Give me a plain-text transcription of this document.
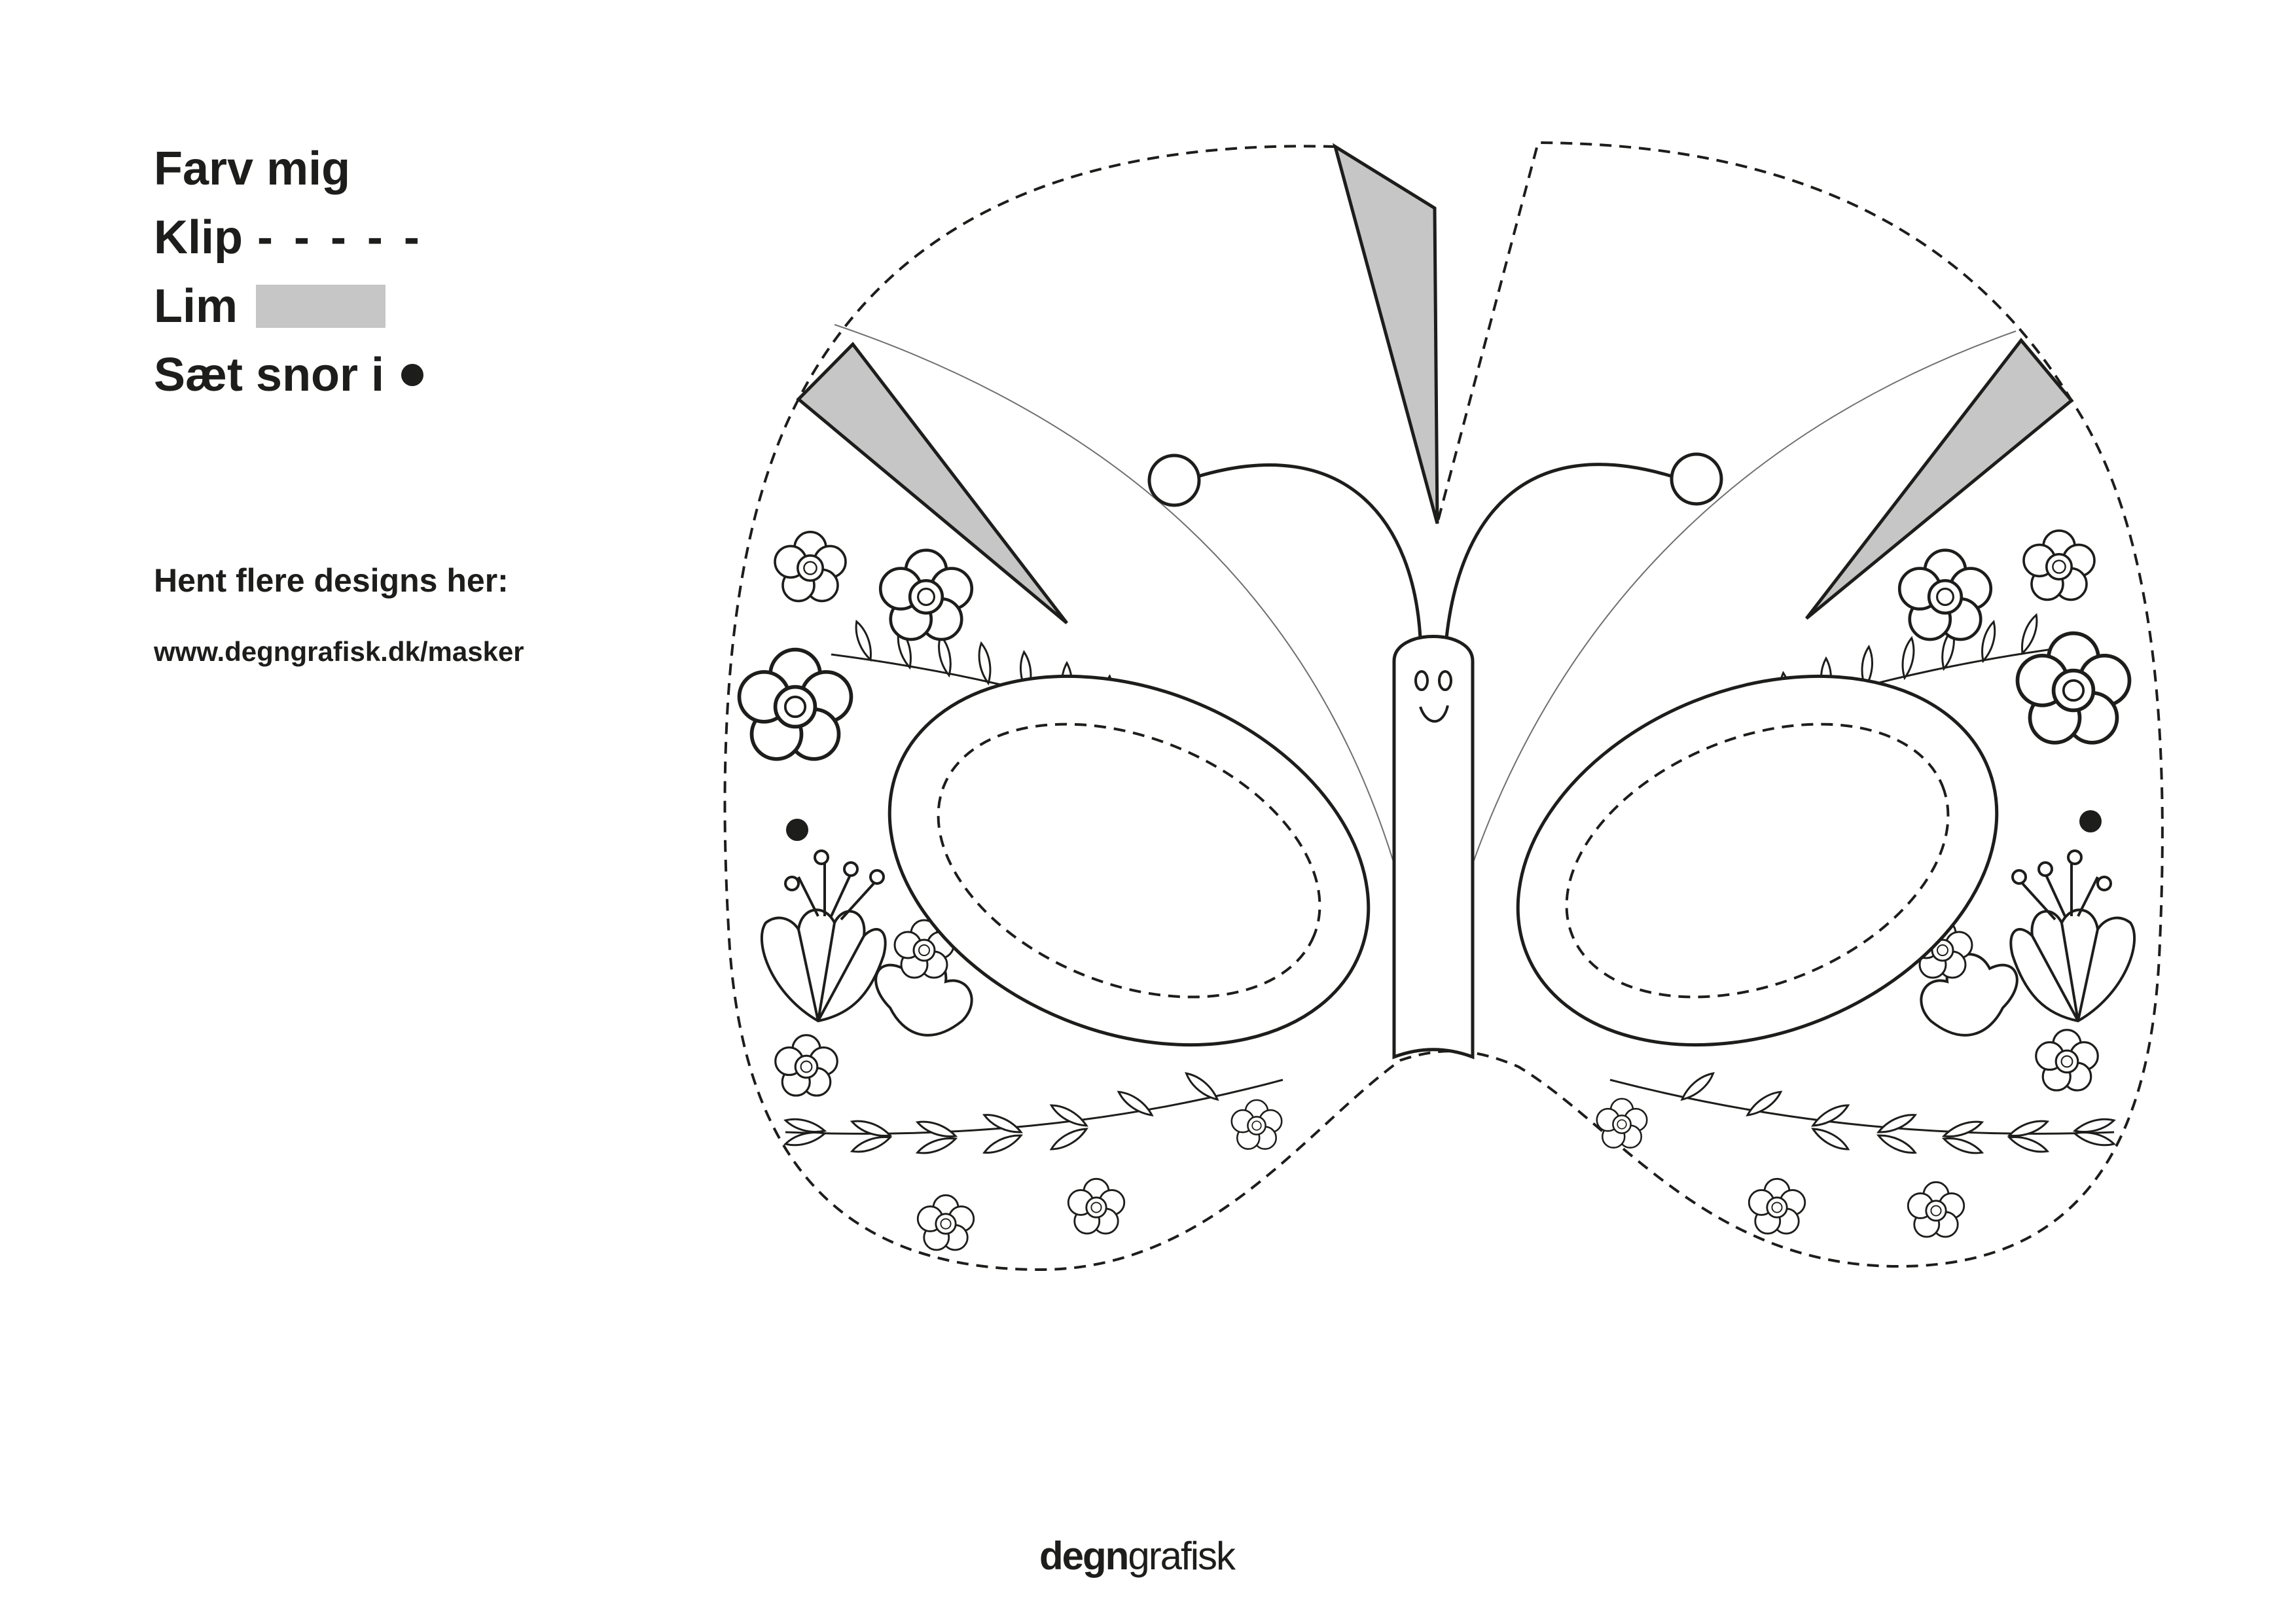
Farv mig
Klip - - - - -
Lim
Sæt snor i
Hent flere designs her:
www.degngrafisk.dk/masker
degngrafisk
